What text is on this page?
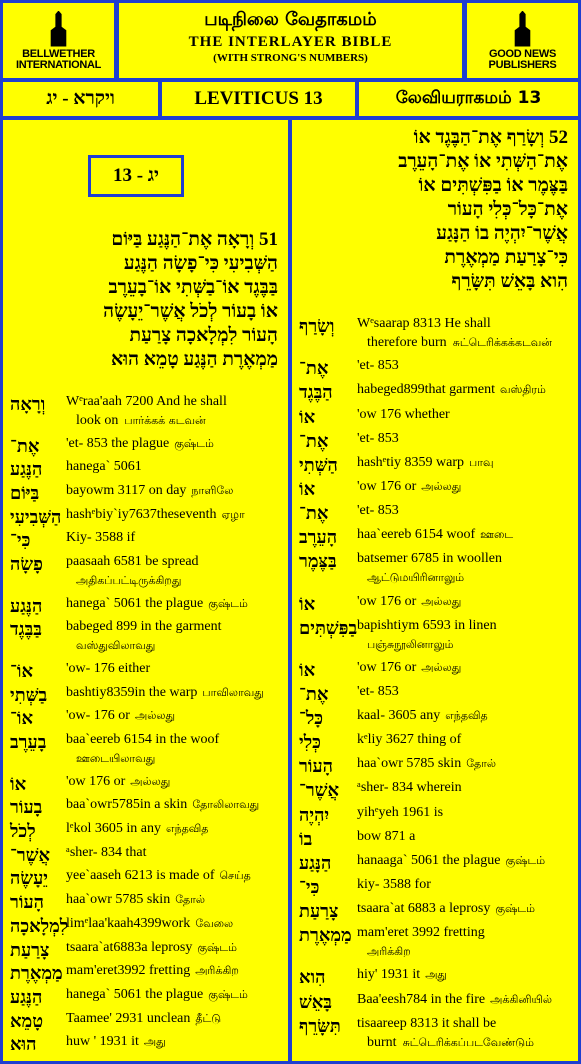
BELLWETHER INTERNATIONAL
படிநிலை வேதாகமம்
THE INTERLAYER BIBLE
(WITH STRONG'S NUMBERS)	GOOD NEWS PUBLISHERS
ויקרא - יג	LEVITICUS 13	லேவியராகமம் 13
יג - 13
51 וְרָאָה אֶת־הַנֶּגַע בַּיּוֹם
הַשְּׁבִיעִי כִּי־פָשָׂה הַנֶּגַע
בַּבֶּגֶד אוֹ־בַשְּׁתִי אוֹ־בָעֵרֶב
אוֹ בָעוֹר לְכֹל אֲשֶׁר־יֵעָשֶׂה
הָעוֹר לִמְלָאכָה צָרַעַת
מַמְאֶרֶת הַנֶּגַע טָמֵא הוּא
52 וְשָׂרַף אֶת־הַבֶּגֶד אוֹ
אֶת־הַשְּׁתִי אוֹ אֶת־הָעֵרֶב
בַּצֶּמֶר אוֹ בַפִּשְׁתִּים אוֹ
אֶת־כָּל־כְּלִי הָעוֹר
אֲשֶׁר־יִהְיֶה בוֹ הַנָּגַע
כִּי־צָרַעַת מַמְאֶרֶת
הִוא בָּאֵשׁ תִּשָּׂרֵף
וְרָאָה Wᵉraa'aah 7200 And he shall
look on பார்க்கக் கடவன்
אֶת־ 'et- 853 the plague குஷ்டம்
הַנֶּגַע hanega` 5061
בַּיּוֹם bayowm 3117 on day நாளிலே
הַשְּׁבִיעִי hashᵉbiy`iy7637theseventh ஏழா
כִּי־	Kiy- 3588 if
פָשָׂה paasaah 6581 be spread
அதிகப்பட்டிருக்கிறது
הַנֶּגַע hanega` 5061 the plague குஷ்டம்
בַּבֶּגֶד babeged 899 in the garment
வஸ்துவிலாவது
אוֹ־ 'ow- 176 either
בַשְּׁתִי bashtiy8359in the warp பாவிலாவது
אוֹ־ 'ow- 176 or அல்லது
בָעֵרֶב baa`eereb 6154 in the woof
ஊடையிலாவது
אוֹ	'ow 176 or அல்லது
בָעוֹר baa`owr5785in a skin தோலிலாவது
לְכֹל lᵉkol 3605 in any எந்தவித
אֲשֶׁר־ ᵃsher- 834 that
יֵעָשֶׂה yee`aaseh 6213 is made of செய்த
הָעוֹר haa`owr 5785 skin தோல்
לִמְלָאכָה
limᵉlaa'kaah4399work வேலை
צָרַעַת tsaara`at6883a leprosy குஷ்டம்
מַמְאֶרֶת mam'eret3992 fretting அரிக்கிற
הַנֶּגַע hanega` 5061 the plague குஷ்டம்
טָמֵא Taamee' 2931 unclean தீட்டு
הוּא huw ' 1931 it அது
וְשָׂרַף Wᵉsaarap 8313 He shall
therefore burn சுட்டெரிக்கக்கடவன்
אֶת־ 'et- 853
הַבֶּגֶד habeged899that garment வஸ்திரம்
אוֹ	'ow 176 whether
אֶת־ 'et- 853
הַשְּׁתִי hashᵉtiy 8359 warp பாவு
אוֹ	'ow 176 or அல்லது
אֶת־ 'et- 853
הָעֵרֶב haa`eereb 6154 woof ஊடை
בַּצֶּמֶר batsemer 6785 in woollen
ஆட்டுமயிரினாலும்
אוֹ	'ow 176 or அல்லது
בַפִּשְׁתִּים bapishtiym 6593 in linen
பஞ்சுநூலினாலும்
אוֹ	'ow 176 or அல்லது
אֶת־ 'et- 853
כָּל־ kaal- 3605 any எந்தவித
כְּלִי	kᵉliy 3627 thing of
הָעוֹר haa`owr 5785 skin தோல்
אֲשֶׁר־ ᵃsher- 834 wherein
יִהְיֶה yihᵉyeh 1961 is
בוֹ	bow 871 a
הַנָּגַע hanaaga` 5061 the plague குஷ்டம்
כִּי־	kiy- 3588 for
צָרַעַת tsaara`at 6883 a leprosy குஷ்டம்
מַמְאֶרֶת mam'eret 3992 fretting
அரிக்கிற
הִוא hiy' 1931 it அது
בָּאֵשׁ Baa'eesh784 in the fire அக்கினியில்
תִּשָּׂרֵף tisaareep 8313 it shall be
burnt சுட்டெரிக்கப்படவேண்டும்
